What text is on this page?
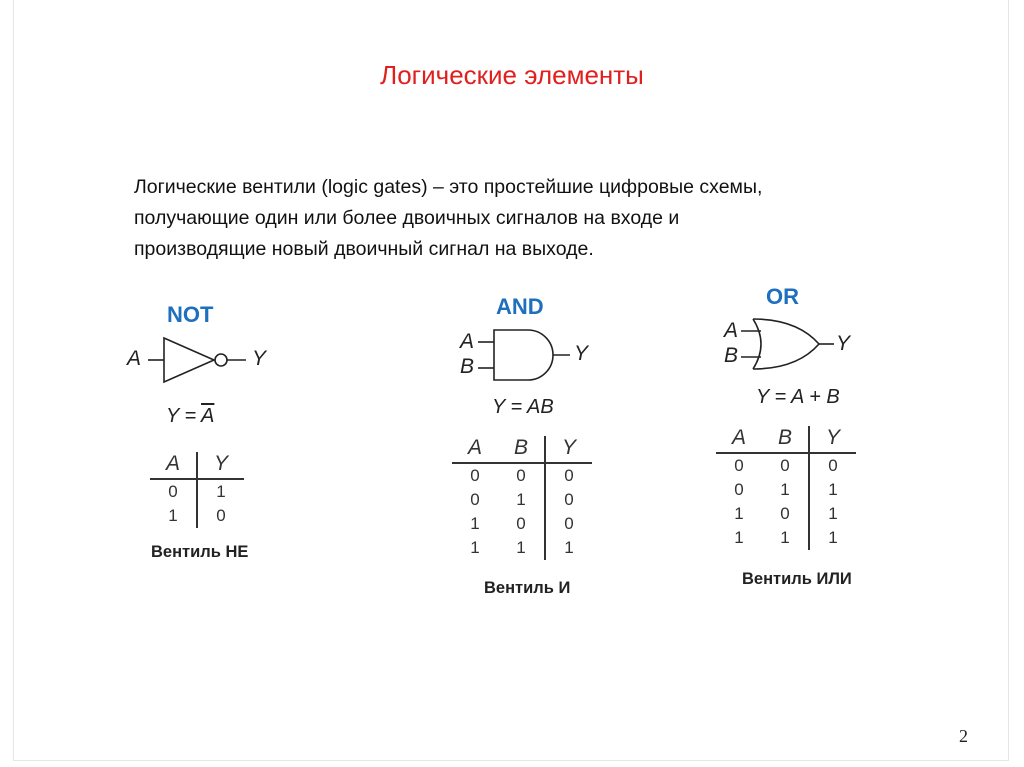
Логические элементы
Логические вентили (logic gates) – это простейшие цифровые схемы,
получающие один или более двоичных сигналов на входе и
производящие новый двоичный сигнал на выходе.
NOT
A	Y
$Y = \overline{A}$
A	Y
0	1
1	0
Вентиль НЕ
AND
A
B
Y
Y = AB
A	B	Y
0	0	0
0	1	0
1	0	0
1	1	1
Вентиль И
OR
A
B
Y
Y = A + B
A	B	Y
0	0	0
0	1	1
1	0	1
1	1	1
Вентиль ИЛИ
2
